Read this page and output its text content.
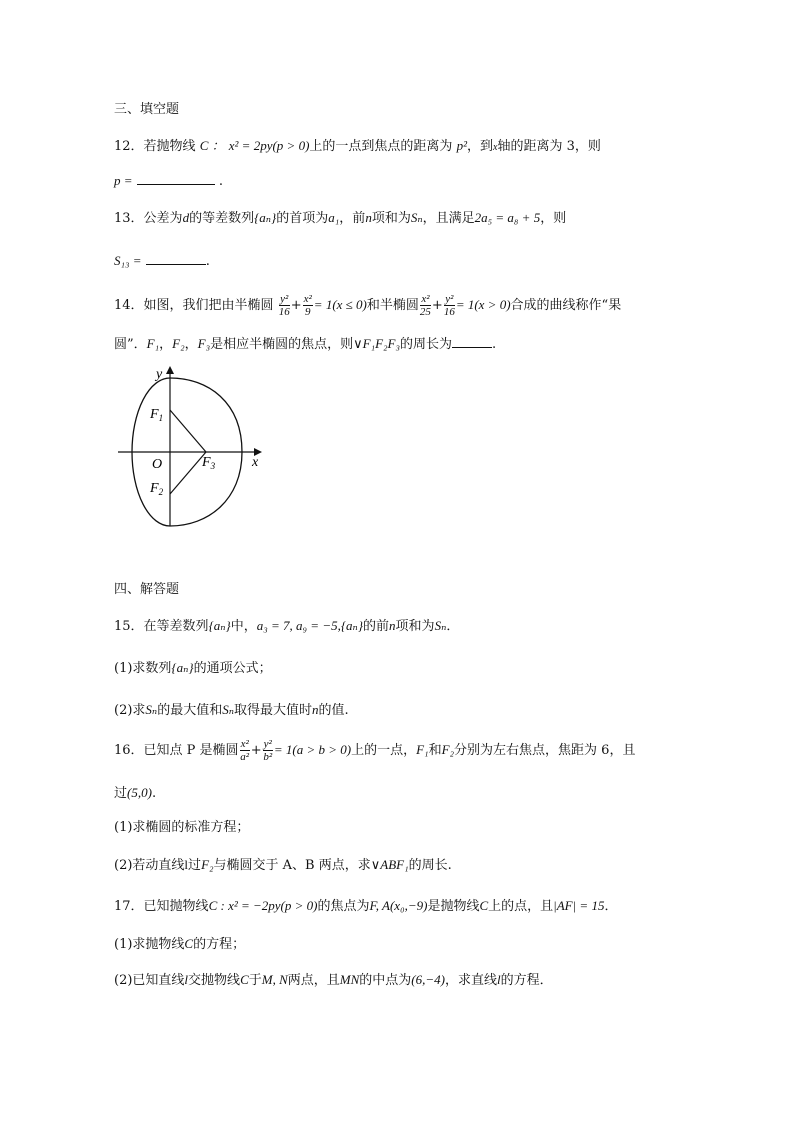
三、填空题
12．若抛物线 C ： x² = 2py(p > 0)上的一点到焦点的距离为 p²，到x轴的距离为 3，则
p =	.
13．公差为d的等差数列{aₙ}的首项为a₁，前n项和为Sₙ，且满足2a₅ = a₈ + 5，则
S₁₃ =	.
14．如图，我们把由半椭圆 $\frac{\text{y²}}{16} + \frac{\text{x²}}{9} = 1(x \le 0)$和半椭圆 $\frac{\text{x²}}{25} + \frac{\text{y²}}{16} = 1(x > 0)$合成的曲线称作“果
圆”．F₁，F₂，F₃是相应半椭圆的焦点，则∨F₁F₂F₃的周长为	.
y
x
O
$F_1$
$F_2$
$F_3$
四、解答题
15．在等差数列{aₙ}中，a₃ = 7, a₉ = −5,{aₙ}的前n项和为Sₙ．
(1)求数列{aₙ}的通项公式；
(2)求Sₙ的最大值和Sₙ取得最大值时n的值.
16．已知点 P 是椭圆 $\frac{\text{x²}}{\text{a²}} + \frac{\text{y²}}{\text{b²}} = 1(a > b > 0)$上的一点，F₁和F₂分别为左右焦点，焦距为 6，且
过(5,0).
(1)求椭圆的标准方程；
(2)若动直线l过F₂与椭圆交于 A、B 两点，求∨ABF₁的周长.
17．已知抛物线C : x² = −2py(p > 0)的焦点为F, A(x₀,−9)是抛物线C上的点，且|AF| = 15．
(1)求抛物线C的方程；
(2)已知直线l交抛物线C于M, N两点，且MN的中点为(6,−4)，求直线l的方程．
